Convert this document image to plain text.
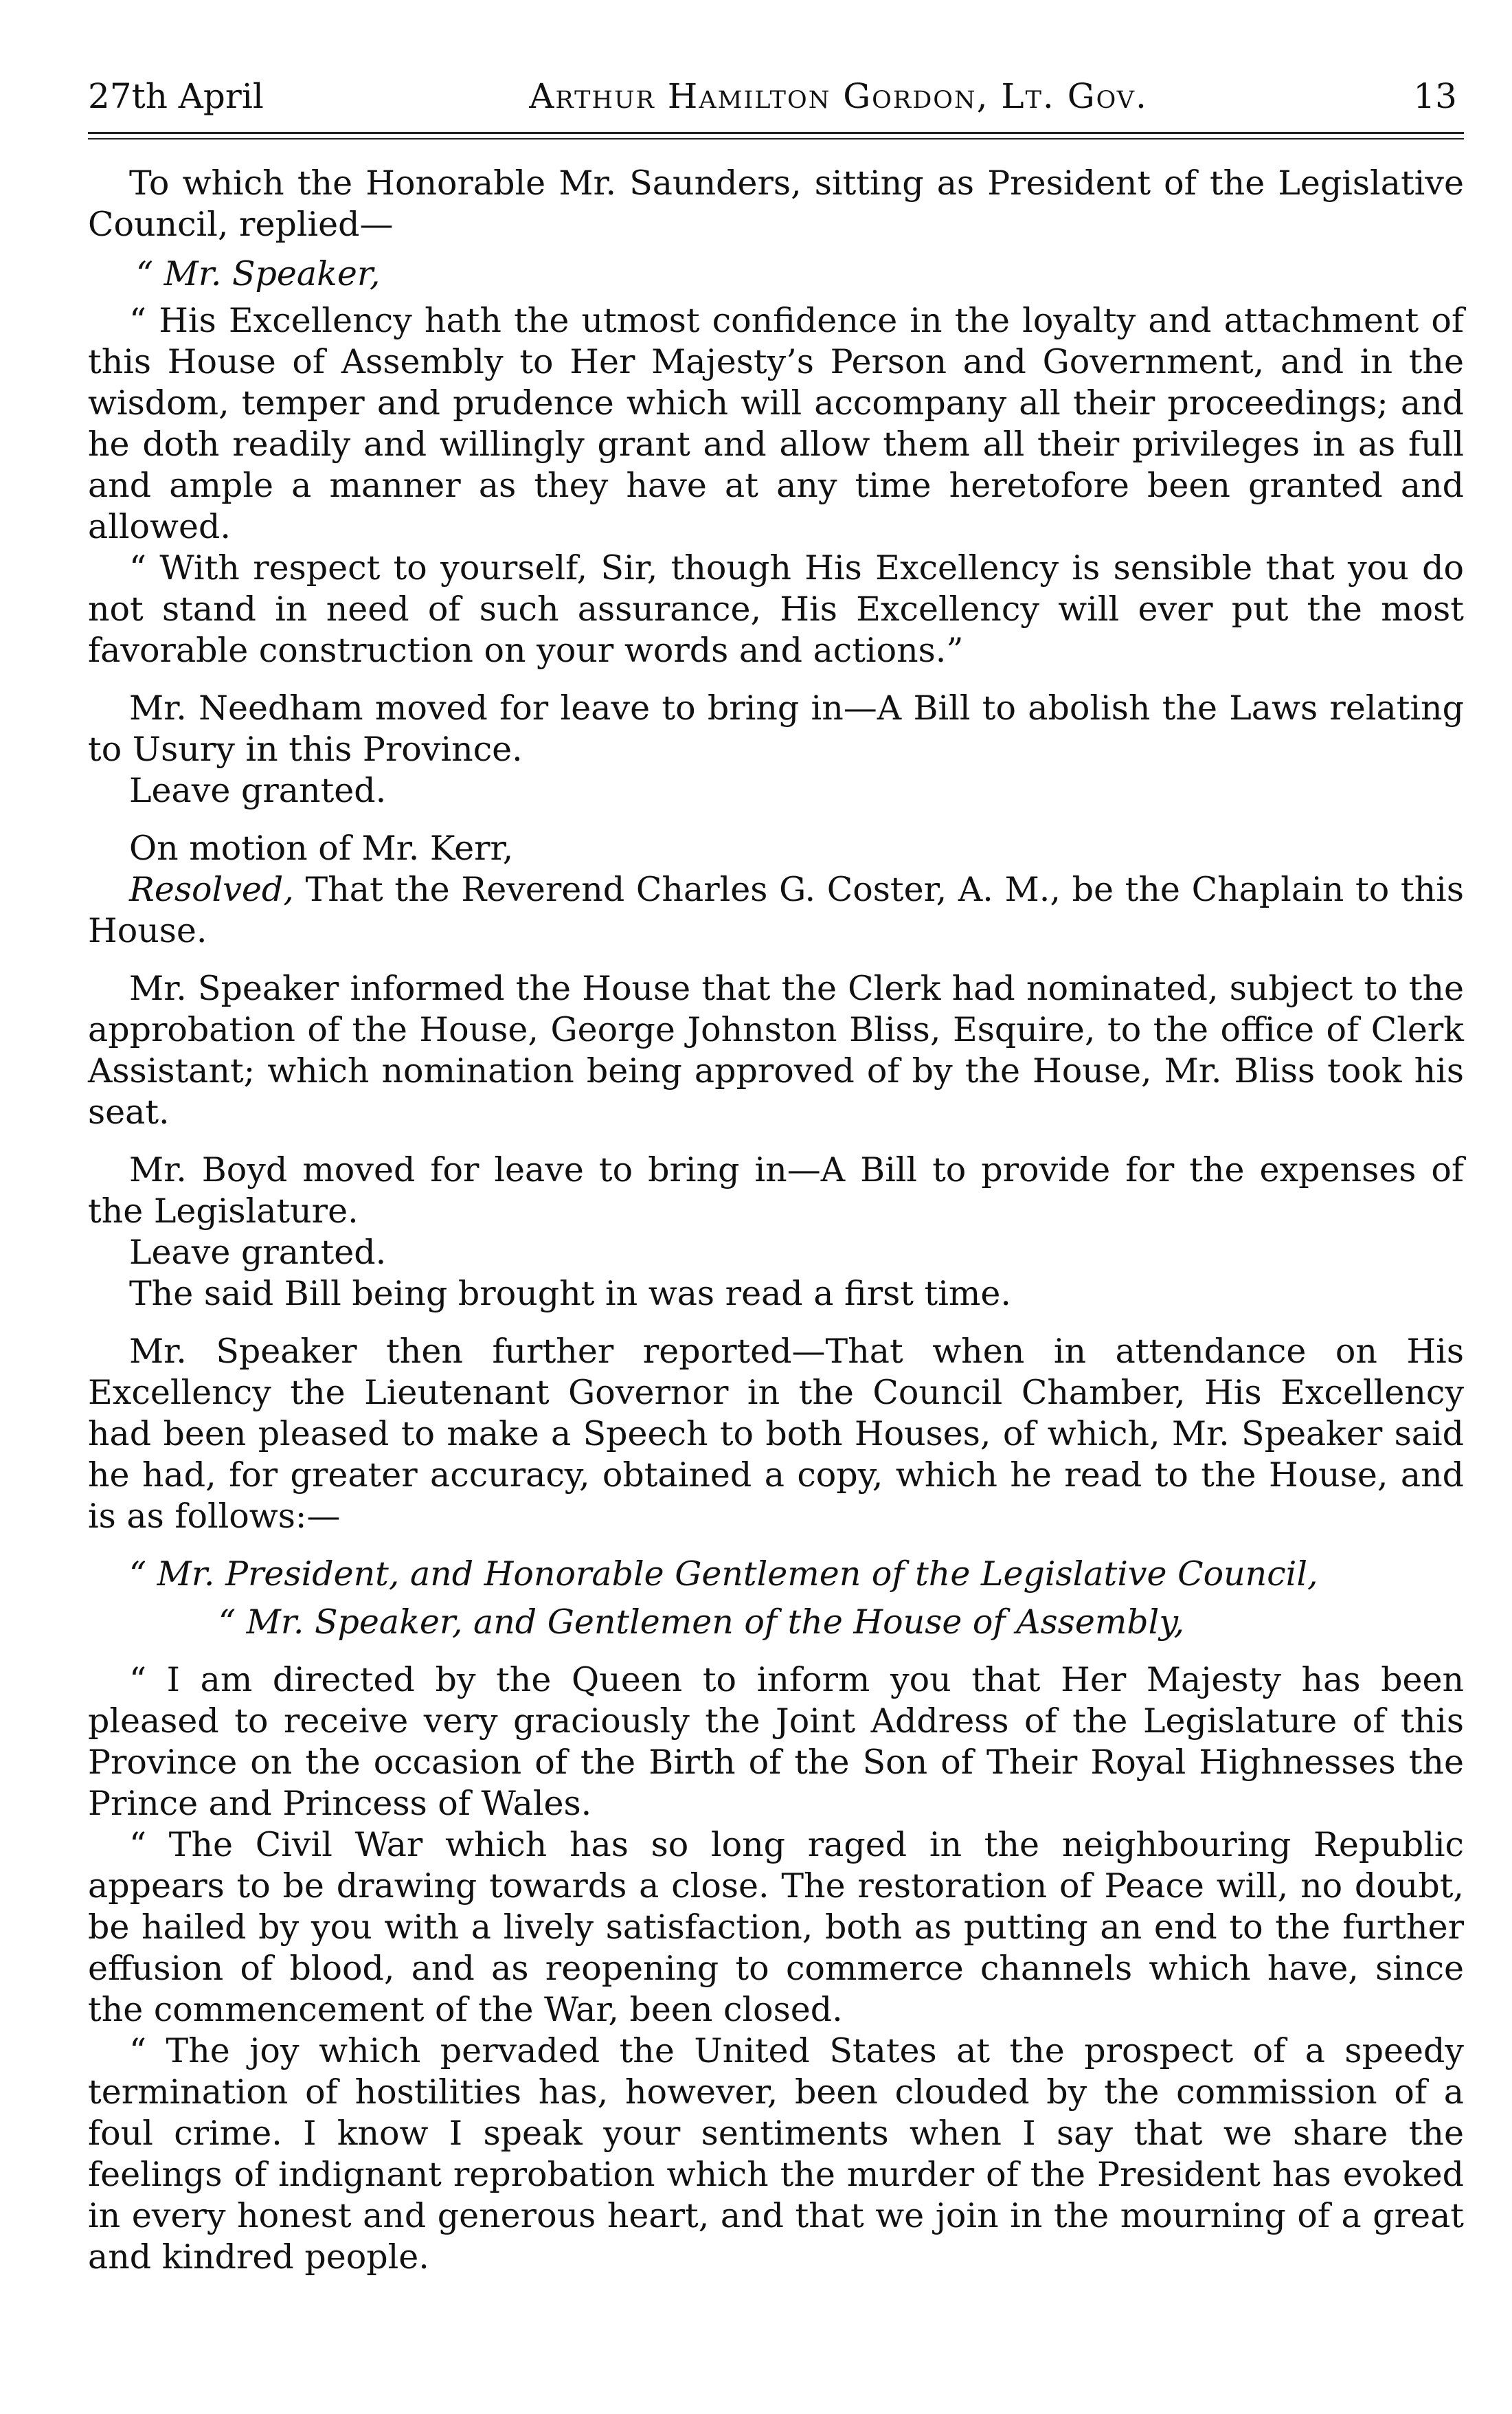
27th April	Arthur Hamilton Gordon, Lt. Gov.	13

To which the Honorable Mr. Saunders, sitting as President of the Legislative Council, replied—

“ Mr. Speaker,

“ His Excellency hath the utmost confidence in the loyalty and attachment of this House of Assembly to Her Majesty’s Person and Government, and in the wisdom, temper and prudence which will accompany all their proceedings; and he doth readily and willingly grant and allow them all their privileges in as full and ample a manner as they have at any time heretofore been granted and allowed.

“ With respect to yourself, Sir, though His Excellency is sensible that you do not stand in need of such assurance, His Excellency will ever put the most favorable construction on your words and actions.”

Mr. Needham moved for leave to bring in—A Bill to abolish the Laws relating to Usury in this Province.

Leave granted.

On motion of Mr. Kerr,

Resolved, That the Reverend Charles G. Coster, A. M., be the Chaplain to this House.

Mr. Speaker informed the House that the Clerk had nominated, subject to the approbation of the House, George Johnston Bliss, Esquire, to the office of Clerk Assistant; which nomination being approved of by the House, Mr. Bliss took his seat.

Mr. Boyd moved for leave to bring in—A Bill to provide for the expenses of the Legislature.

Leave granted.

The said Bill being brought in was read a first time.

Mr. Speaker then further reported—That when in attendance on His Excellency the Lieutenant Governor in the Council Chamber, His Excellency had been pleased to make a Speech to both Houses, of which, Mr. Speaker said he had, for greater accuracy, obtained a copy, which he read to the House, and is as follows:—

“ Mr. President, and Honorable Gentlemen of the Legislative Council,

“ Mr. Speaker, and Gentlemen of the House of Assembly,

“ I am directed by the Queen to inform you that Her Majesty has been pleased to receive very graciously the Joint Address of the Legislature of this Province on the occasion of the Birth of the Son of Their Royal Highnesses the Prince and Princess of Wales.

“ The Civil War which has so long raged in the neighbouring Republic appears to be drawing towards a close. The restoration of Peace will, no doubt, be hailed by you with a lively satisfaction, both as putting an end to the further effusion of blood, and as reopening to commerce channels which have, since the commencement of the War, been closed.

“ The joy which pervaded the United States at the prospect of a speedy termination of hostilities has, however, been clouded by the commission of a foul crime. I know I speak your sentiments when I say that we share the feelings of indignant reprobation which the murder of the President has evoked in every honest and generous heart, and that we join in the mourning of a great and kindred people.
